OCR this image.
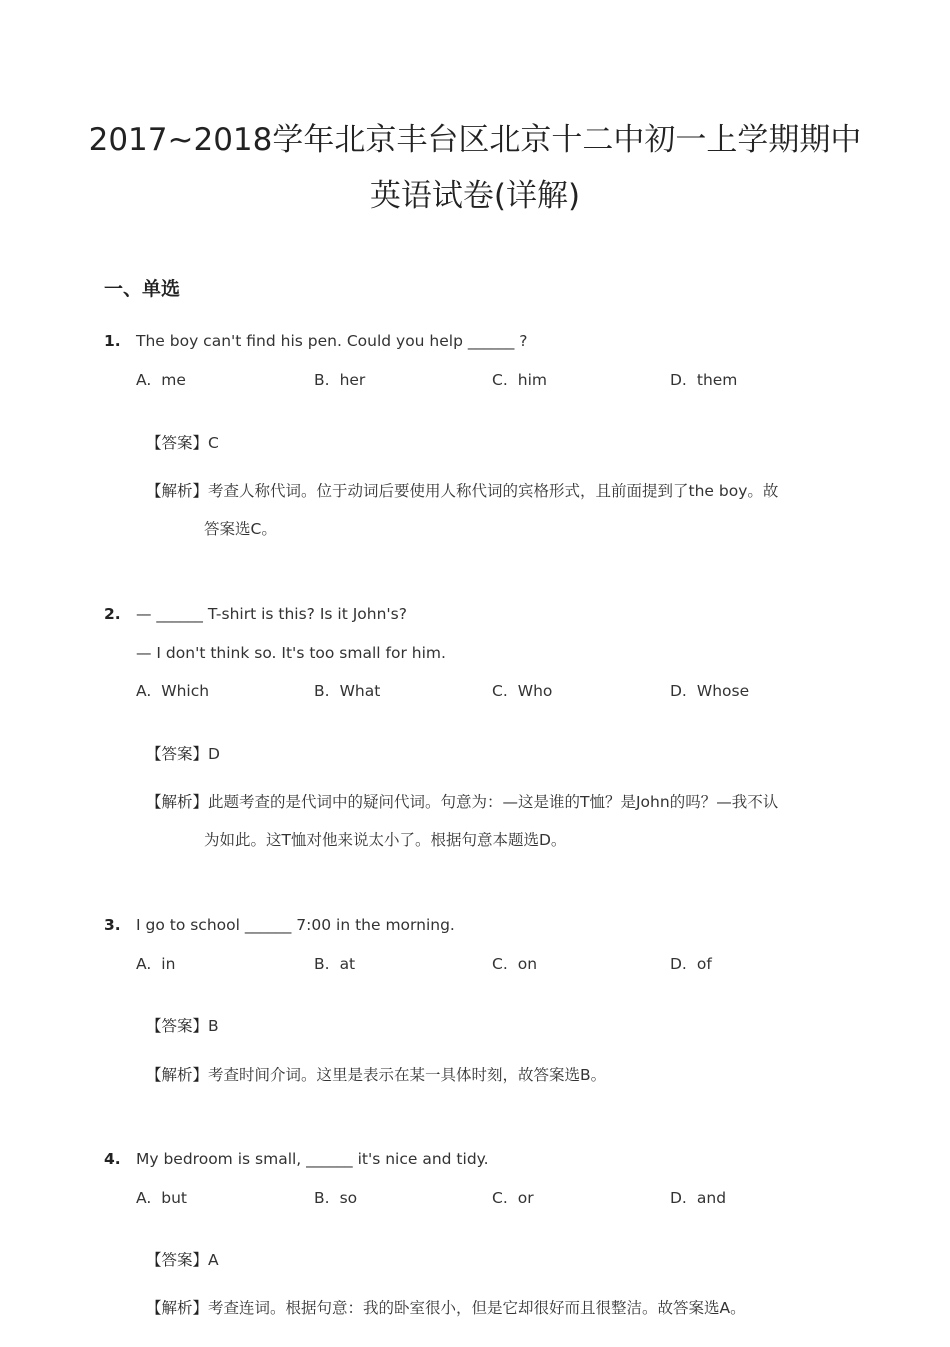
2017~2018学年北京丰台区北京十二中初一上学期期中
英语试卷(详解)
一、单选
1. The boy can't find his pen. Could you help ______ ?
A. me	B. her	C. him	D. them
【答案】C
【解析】考查人称代词。位于动词后要使用人称代词的宾格形式，且前面提到了the boy。故
答案选C。
2. — ______ T-shirt is this? Is it John's?
— I don't think so. It's too small for him.
A. Which	B. What	C. Who	D. Whose
【答案】D
【解析】此题考查的是代词中的疑问代词。句意为：—这是谁的T恤？是John的吗？—我不认
为如此。这T恤对他来说太小了。根据句意本题选D。
3. I go to school ______ 7:00 in the morning.
A. in	B. at	C. on	D. of
【答案】B
【解析】考查时间介词。这里是表示在某一具体时刻，故答案选B。
4. My bedroom is small, ______ it's nice and tidy.
A. but	B. so	C. or	D. and
【答案】A
【解析】考查连词。根据句意：我的卧室很小，但是它却很好而且很整洁。故答案选A。
